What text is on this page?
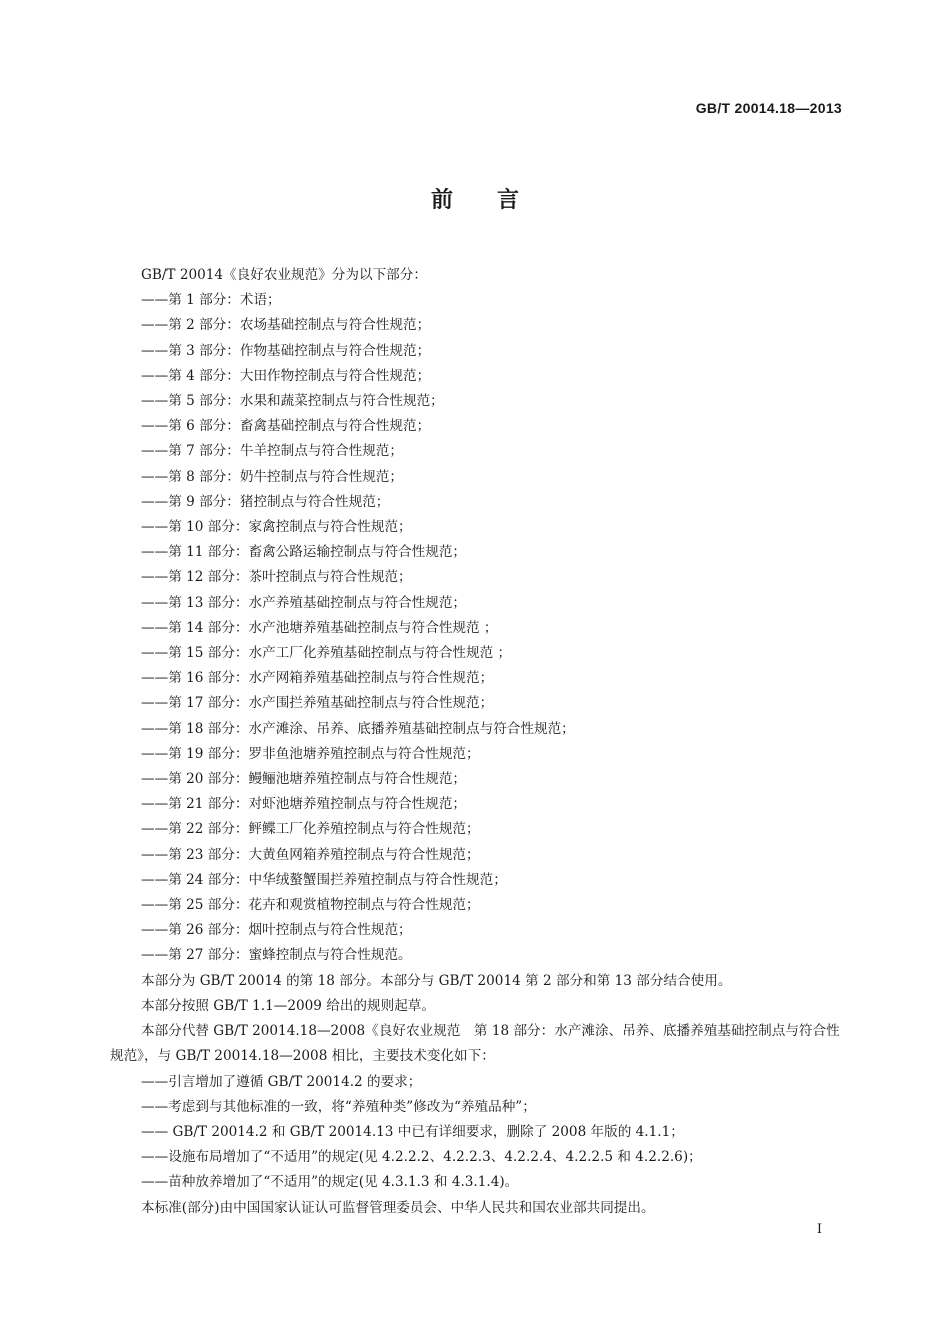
GB/T 20014.18—2013
前言

GB/T 20014《良好农业规范》分为以下部分：

——第 1 部分：术语；

——第 2 部分：农场基础控制点与符合性规范；

——第 3 部分：作物基础控制点与符合性规范；

——第 4 部分：大田作物控制点与符合性规范；

——第 5 部分：水果和蔬菜控制点与符合性规范；

——第 6 部分：畜禽基础控制点与符合性规范；

——第 7 部分：牛羊控制点与符合性规范；

——第 8 部分：奶牛控制点与符合性规范；

——第 9 部分：猪控制点与符合性规范；

——第 10 部分：家禽控制点与符合性规范；

——第 11 部分：畜禽公路运输控制点与符合性规范；

——第 12 部分：茶叶控制点与符合性规范；

——第 13 部分：水产养殖基础控制点与符合性规范；

——第 14 部分：水产池塘养殖基础控制点与符合性规范 ；

——第 15 部分：水产工厂化养殖基础控制点与符合性规范 ；

——第 16 部分：水产网箱养殖基础控制点与符合性规范；

——第 17 部分：水产围拦养殖基础控制点与符合性规范；

——第 18 部分：水产滩涂、吊养、底播养殖基础控制点与符合性规范；

——第 19 部分：罗非鱼池塘养殖控制点与符合性规范；

——第 20 部分：鳗鲡池塘养殖控制点与符合性规范；

——第 21 部分：对虾池塘养殖控制点与符合性规范；

——第 22 部分：鲆鲽工厂化养殖控制点与符合性规范；

——第 23 部分：大黄鱼网箱养殖控制点与符合性规范；

——第 24 部分：中华绒螯蟹围拦养殖控制点与符合性规范；

——第 25 部分：花卉和观赏植物控制点与符合性规范；

——第 26 部分：烟叶控制点与符合性规范；

——第 27 部分：蜜蜂控制点与符合性规范。

本部分为 GB/T 20014 的第 18 部分。本部分与 GB/T 20014 第 2 部分和第 13 部分结合使用。

本部分按照 GB/T 1.1—2009 给出的规则起草。

本部分代替 GB/T 20014.18—2008《良好农业规范　第 18 部分：水产滩涂、吊养、底播养殖基础控制点与符合性规范》，与 GB/T 20014.18—2008 相比，主要技术变化如下：

——引言增加了遵循 GB/T 20014.2 的要求；

——考虑到与其他标准的一致，将“养殖种类”修改为“养殖品种”；

—— GB/T 20014.2 和 GB/T 20014.13 中已有详细要求，删除了 2008 年版的 4.1.1；

——设施布局增加了“不适用”的规定(见 4.2.2.2、4.2.2.3、4.2.2.4、4.2.2.5 和 4.2.2.6)；

——苗种放养增加了“不适用”的规定(见 4.3.1.3 和 4.3.1.4)。

本标准(部分)由中国国家认证认可监督管理委员会、中华人民共和国农业部共同提出。

I
